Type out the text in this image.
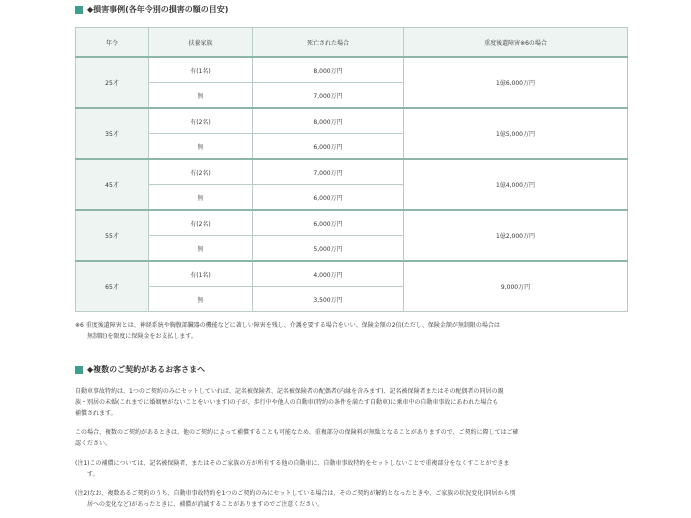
◆損害事例(各年令別の損害の額の目安)
年令	扶養家族	死亡された場合	重度後遺障害※6の場合
25才	有(1名)	8,000万円	1億6,000万円
	無	7,000万円	
35才	有(2名)	8,000万円	1億5,000万円
	無	6,000万円	
45才	有(2名)	7,000万円	1億4,000万円
	無	6,000万円	
55才	有(2名)	6,000万円	1億2,000万円
	無	5,000万円	
65才	有(1名)	4,000万円	9,000万円
	無	3,500万円	
※6 重度後遺障害とは、神経系統や胸腹部臓器の機能などに著しい障害を残し、介護を要する場合をいい、保険金額の2倍(ただし、保険金額が無制限の場合は
無制限)を限度に保険金をお支払します。
◆複数のご契約があるお客さまへ
自動車事故特約は、1つのご契約のみにセットしていれば、記名被保険者、記名被保険者の配偶者(内縁を含みます)、記名被保険者またはその配偶者の同居の親
族・別居の未婚(これまでに婚姻歴がないことをいいます)の子が、歩行中や他人の自動車(特約の条件を満たす自動車)に乗車中の自動車事故にあわれた場合も
補償されます。
この場合、複数のご契約があるときは、他のご契約によって補償することも可能なため、重複部分の保険料が無駄となることがありますので、ご契約に際してはご確
認ください。
(注1)この補償については、記名被保険者、またはそのご家族の方が所有する他の自動車に、自動車事故特約をセットしないことで重複部分をなくすことができま
す。
(注2)なお、複数あるご契約のうち、自動車事故特約を1つのご契約のみにセットしている場合は、そのご契約が解約となったときや、ご家族の状況変化(同居から別
居への変化など)があったときに、補償が消滅することがありますのでご注意ください。
